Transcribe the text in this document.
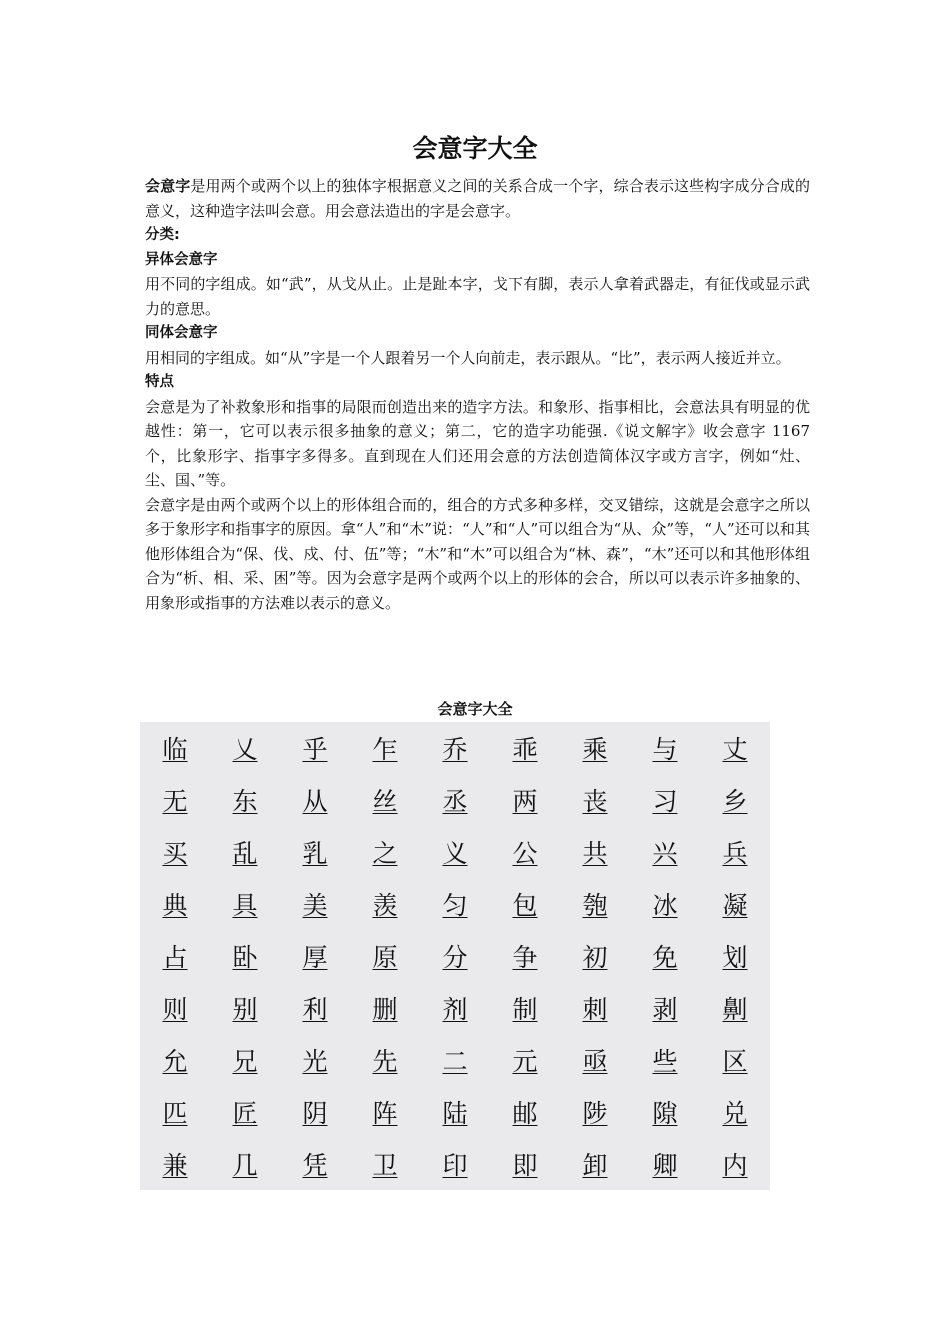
会意字大全

会意字是用两个或两个以上的独体字根据意义之间的关系合成一个字，综合表示这些构字成分合成的意义，这种造字法叫会意。用会意法造出的字是会意字。

分类:

异体会意字

用不同的字组成。如“武”，从戈从止。止是趾本字，戈下有脚，表示人拿着武器走，有征伐或显示武力的意思。

同体会意字

用相同的字组成。如“从”字是一个人跟着另一个人向前走，表示跟从。“比”，表示两人接近并立。

特点

会意是为了补救象形和指事的局限而创造出来的造字方法。和象形、指事相比，会意法具有明显的优越性：第一，它可以表示很多抽象的意义；第二，它的造字功能强.《说文解字》收会意字 1167 个，比象形字、指事字多得多。直到现在人们还用会意的方法创造简体汉字或方言字，例如“灶、尘、国、”等。

会意字是由两个或两个以上的形体组合而的，组合的方式多种多样，交叉错综，这就是会意字之所以多于象形字和指事字的原因。拿“人”和“木”说：“人”和“人”可以组合为“从、众”等，“人”还可以和其他形体组合为“保、伐、戍、付、伍”等；“木”和“木”可以组合为“林、森”，“木”还可以和其他形体组合为“析、相、采、困”等。因为会意字是两个或两个以上的形体的会合，所以可以表示许多抽象的、用象形或指事的方法难以表示的意义。

会意字大全

临	乂	乎	乍	乔	乖	乘	与	丈
无	东	从	丝	丞	两	丧	习	乡
买	乱	乳	之	义	公	共	兴	兵
典	具	美	羡	匀	包	匏	冰	凝
占	卧	厚	原	分	争	初	免	划
则	别	利	删	剂	制	刺	剥	劓
允	兄	光	先	二	元	亟	些	区
匹	匠	阴	阵	陆	邮	陟	隙	兑
兼	几	凭	卫	印	即	卸	卿	内
